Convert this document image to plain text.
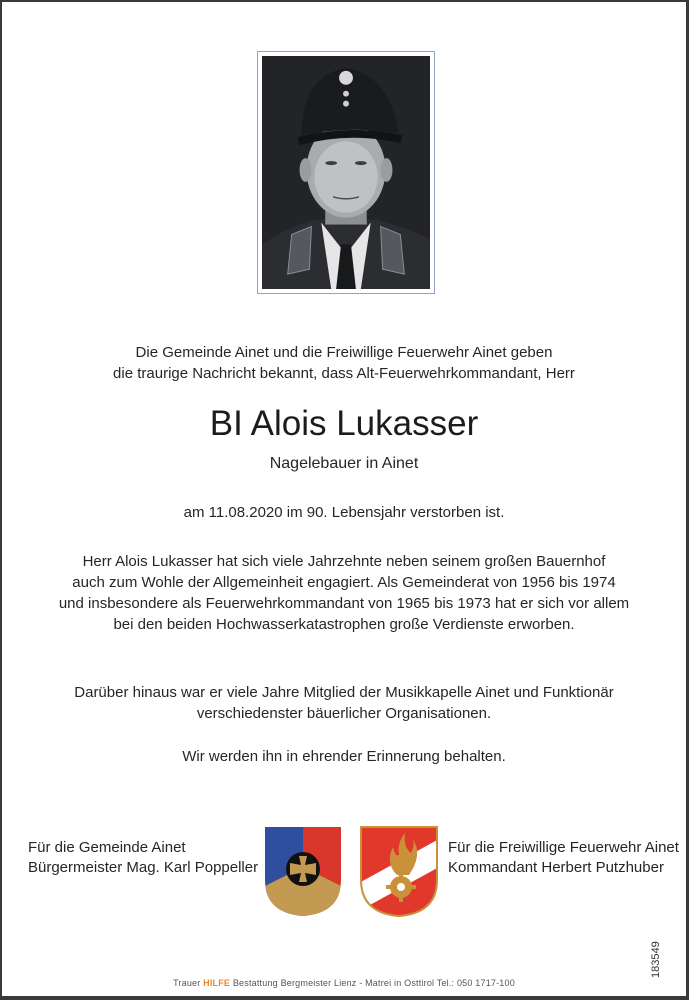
Die Gemeinde Ainet und die Freiwillige Feuerwehr Ainet geben
die traurige Nachricht bekannt, dass Alt-Feuerwehrkommandant, Herr
BI Alois Lukasser
Nagelebauer in Ainet
am 11.08.2020 im 90. Lebensjahr verstorben ist.
Herr Alois Lukasser hat sich viele Jahrzehnte neben seinem großen Bauernhof
auch zum Wohle der Allgemeinheit engagiert. Als Gemeinderat von 1956 bis 1974
und insbesondere als Feuerwehrkommandant von 1965 bis 1973 hat er sich vor allem
bei den beiden Hochwasserkatastrophen große Verdienste erworben.
Darüber hinaus war er viele Jahre Mitglied der Musikkapelle Ainet und Funktionär
verschiedenster bäuerlicher Organisationen.
Wir werden ihn in ehrender Erinnerung behalten.
Für die Gemeinde Ainet
Bürgermeister Mag. Karl Poppeller
Für die Freiwillige Feuerwehr Ainet
Kommandant Herbert Putzhuber
Trauer HILFE Bestattung Bergmeister Lienz - Matrei in Osttirol Tel.: 050 1717-100
183549
